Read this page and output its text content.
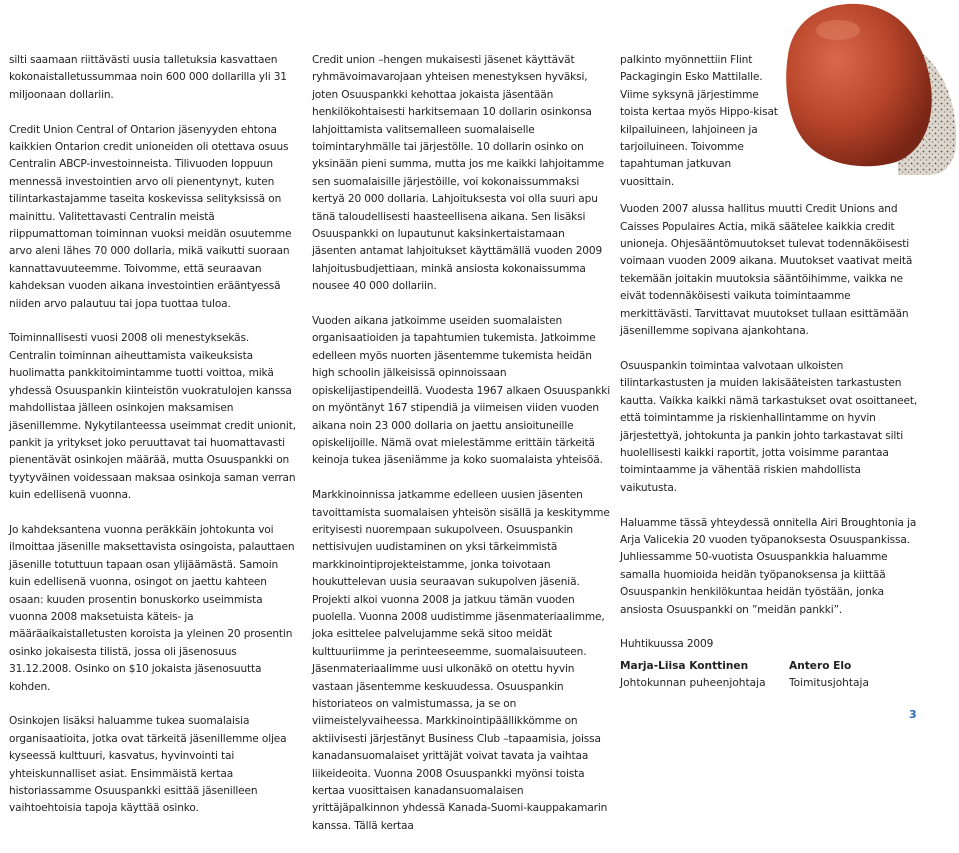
silti saamaan riittävästi uusia talletuksia kasvattaen kokonaistalletussummaa noin 600 000 dollarilla yli 31 miljoonaan dollariin.

Credit Union Central of Ontarion jäsenyyden ehtona kaikkien Ontarion credit unioneiden oli otettava osuus Centralin ABCP-investoinneista. Tilivuoden loppuun mennessä investointien arvo oli pienentynyt, kuten tilintarkastajamme taseita koskevissa selityksissä on mainittu. Valitettavasti Centralin meistä riippumattoman toiminnan vuoksi meidän osuutemme arvo aleni lähes 70 000 dollaria, mikä vaikutti suoraan kannattavuuteemme. Toivomme, että seuraavan kahdeksan vuoden aikana investointien erääntyessä niiden arvo palautuu tai jopa tuottaa tuloa.

Toiminnallisesti vuosi 2008 oli menestyksekäs. Centralin toiminnan aiheuttamista vaikeuksista huolimatta pankkitoimintamme tuotti voittoa, mikä yhdessä Osuuspankin kiinteistön vuokratulojen kanssa mahdollistaa jälleen osinkojen maksamisen jäsenillemme. Nykytilanteessa useimmat credit unionit, pankit ja yritykset joko peruuttavat tai huomattavasti pienentävät osinkojen määrää, mutta Osuuspankki on tyytyväinen voidessaan maksaa osinkoja saman verran kuin edellisenä vuonna.

Jo kahdeksantena vuonna peräkkäin johtokunta voi ilmoittaa jäsenille maksettavista osingoista, palauttaen jäsenille totuttuun tapaan osan ylijäämästä. Samoin kuin edellisenä vuonna, osingot on jaettu kahteen osaan: kuuden prosentin bonuskorko useimmista vuonna 2008 maksetuista käteis- ja määräaikaistalletusten koroista ja yleinen 20 prosentin osinko jokaisesta tilistä, jossa oli jäsenosuus 31.12.2008. Osinko on $10 jokaista jäsenosuutta kohden.

Osinkojen lisäksi haluamme tukea suomalaisia organisaatioita, jotka ovat tärkeitä jäsenillemme oljea kyseessä kulttuuri, kasvatus, hyvinvointi tai yhteiskunnalliset asiat. Ensimmäistä kertaa historiassamme Osuuspankki esittää jäsenilleen vaihtoehtoisia tapoja käyttää osinko.

Credit union –hengen mukaisesti jäsenet käyttävät ryhmävoimavarojaan yhteisen menestyksen hyväksi, joten Osuuspankki kehottaa jokaista jäsentään henkilökohtaisesti harkitsemaan 10 dollarin osinkonsa lahjoittamista valitsemalleen suomalaiselle toimintaryhmälle tai järjestölle. 10 dollarin osinko on yksinään pieni summa, mutta jos me kaikki lahjoitamme sen suomalaisille järjestöille, voi kokonaissummaksi kertyä 20 000 dollaria. Lahjoituksesta voi olla suuri apu tänä taloudellisesti haasteellisena aikana. Sen lisäksi Osuuspankki on lupautunut kaksinkertaistamaan jäsenten antamat lahjoitukset käyttämällä vuoden 2009 lahjoitusbudjettiaan, minkä ansiosta kokonaissumma nousee 40 000 dollariin.

Vuoden aikana jatkoimme useiden suomalaisten organisaatioiden ja tapahtumien tukemista. Jatkoimme edelleen myös nuorten jäsentemme tukemista heidän high schoolin jälkeisissä opinnoissaan opiskelijastipendeillä. Vuodesta 1967 alkaen Osuuspankki on myöntänyt 167 stipendiä ja viimeisen viiden vuoden aikana noin 23 000 dollaria on jaettu ansioituneille opiskelijoille. Nämä ovat mielestämme erittäin tärkeitä keinoja tukea jäseniämme ja koko suomalaista yhteisöä.

Markkinoinnissa jatkamme edelleen uusien jäsenten tavoittamista suomalaisen yhteisön sisällä ja keskitymme erityisesti nuorempaan sukupolveen. Osuuspankin nettisivujen uudistaminen on yksi tärkeimmistä markkinointiprojekteistamme, jonka toivotaan houkuttelevan uusia seuraavan sukupolven jäseniä. Projekti alkoi vuonna 2008 ja jatkuu tämän vuoden puolella. Vuonna 2008 uudistimme jäsenmateriaalimme, joka esittelee palvelujamme sekä sitoo meidät kulttuuriimme ja perinteeseemme, suomalaisuuteen. Jäsenmateriaalimme uusi ulkonäkö on otettu hyvin vastaan jäsentemme keskuudessa. Osuuspankin historiateos on valmistumassa, ja se on viimeistelyvaiheessa. Markkinointipäällikkömme on aktiivisesti järjestänyt Business Club –tapaamisia, joissa kanadansuomalaiset yrittäjät voivat tavata ja vaihtaa liikeideoita. Vuonna 2008 Osuuspankki myönsi toista kertaa vuosittaisen kanadansuomalaisen yrittäjäpalkinnon yhdessä Kanada-Suomi-kauppakamarin kanssa. Tällä kertaa

palkinto myönnettiin Flint Packagingin Esko Mattilalle. Viime syksynä järjestimme toista kertaa myös Hippo-kisat kilpailuineen, lahjoineen ja tarjoiluineen. Toivomme tapahtuman jatkuvan vuosittain.

Vuoden 2007 alussa hallitus muutti Credit Unions and Caisses Populaires Actia, mikä säätelee kaikkia credit unioneja. Ohjesääntömuutokset tulevat todennäköisesti voimaan vuoden 2009 aikana. Muutokset vaativat meitä tekemään joitakin muutoksia sääntöihimme, vaikka ne eivät todennäköisesti vaikuta toimintaamme merkittävästi. Tarvittavat muutokset tullaan esittämään jäsenillemme sopivana ajankohtana.

Osuuspankin toimintaa valvotaan ulkoisten tilintarkastusten ja muiden lakisääteisten tarkastusten kautta. Vaikka kaikki nämä tarkastukset ovat osoittaneet, että toimintamme ja riskienhallintamme on hyvin järjestettyä, johtokunta ja pankin johto tarkastavat silti huolellisesti kaikki raportit, jotta voisimme parantaa toimintaamme ja vähentää riskien mahdollista vaikutusta.

Haluamme tässä yhteydessä onnitella Airi Broughtonia ja Arja Valicekia 20 vuoden työpanoksesta Osuuspankissa. Juhliessamme 50-vuotista Osuuspankkia haluamme samalla huomioida heidän työpanoksensa ja kiittää Osuuspankin henkilökuntaa heidän työstään, jonka ansiosta Osuuspankki on ”meidän pankki”.

Huhtikuussa 2009

Marja-Liisa Konttinen
Johtokunnan puheenjohtaja
Antero Elo
Toimitusjohtaja
3
